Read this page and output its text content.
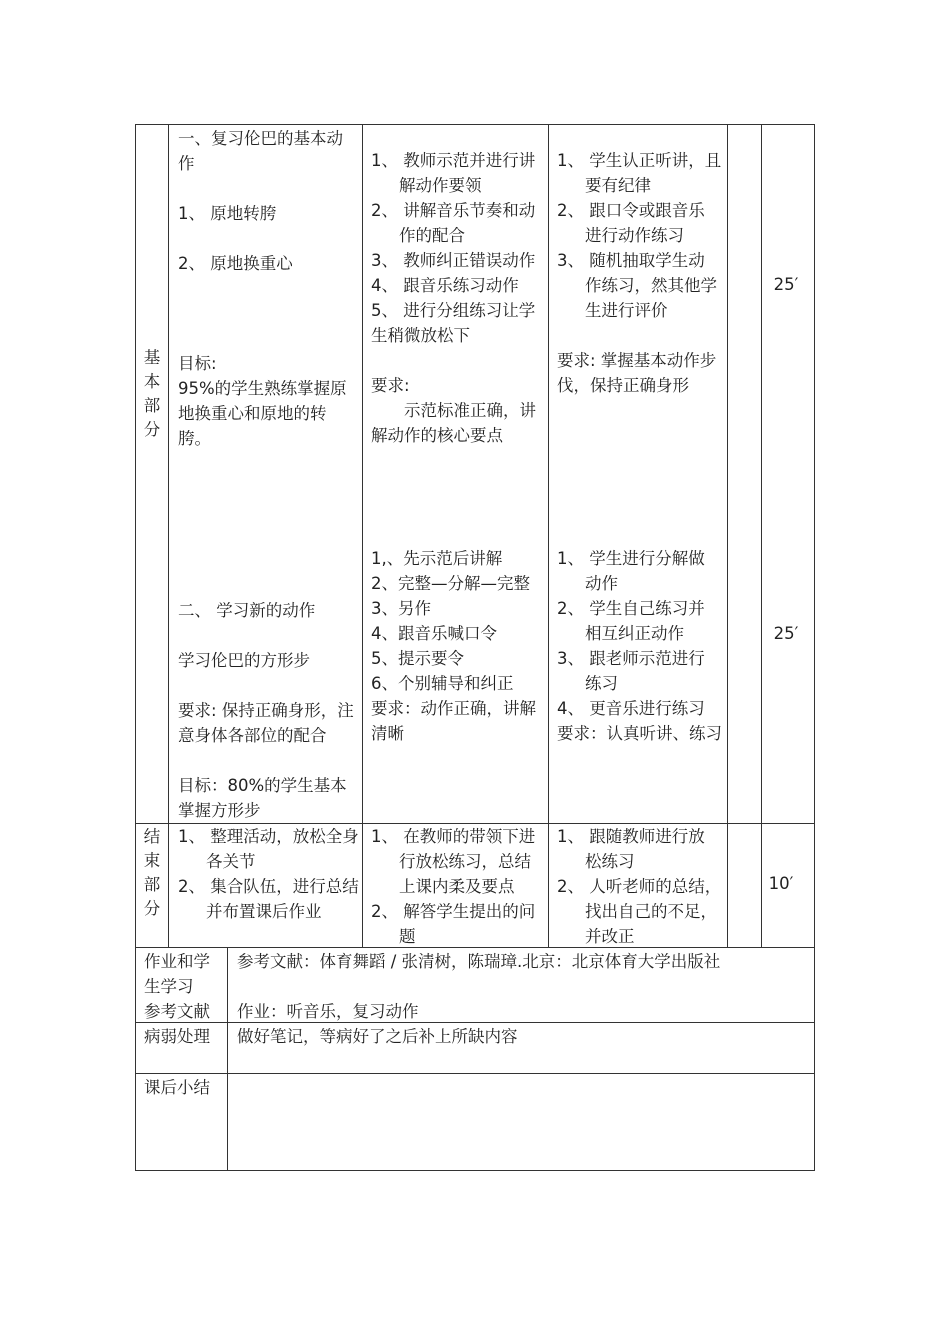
基
本
部
分
一、复习伦巴的基本动
作
1、 原地转胯
2、 原地换重心
目标:
95%的学生熟练掌握原
地换重心和原地的转
胯。
1、 教师示范并进行讲
解动作要领
2、 讲解音乐节奏和动
作的配合
3、 教师纠正错误动作
4、 跟音乐练习动作
5、 进行分组练习让学
生稍微放松下
要求:
示范标准正确，讲
解动作的核心要点
1、 学生认正听讲，且
要有纪律
2、 跟口令或跟音乐
进行动作练习
3、 随机抽取学生动
作练习，然其他学
生进行评价
要求: 掌握基本动作步
伐，保持正确身形
25′
二、 学习新的动作
学习伦巴的方形步
要求: 保持正确身形，注
意身体各部位的配合
目标：80%的学生基本
掌握方形步
1,、先示范后讲解
2、完整—分解—完整
3、另作
4、跟音乐喊口令
5、提示要令
6、个别辅导和纠正
要求：动作正确，讲解
清晰
1、 学生进行分解做
动作
2、 学生自己练习并
相互纠正动作
3、 跟老师示范进行
练习
4、 更音乐进行练习
要求：认真听讲、练习
25′
结
束
部
分
1、 整理活动，放松全身
各关节
2、 集合队伍，进行总结
并布置课后作业
1、 在教师的带领下进
行放松练习，总结
上课内柔及要点
2、 解答学生提出的问
题
1、 跟随教师进行放
松练习
2、 人听老师的总结，
找出自己的不足，
并改正
10′
作业和学
生学习
参考文献
参考文献：体育舞蹈 / 张清树，陈瑞璋.北京：北京体育大学出版社
作业：听音乐，复习动作
病弱处理 做好笔记，等病好了之后补上所缺内容
课后小结
